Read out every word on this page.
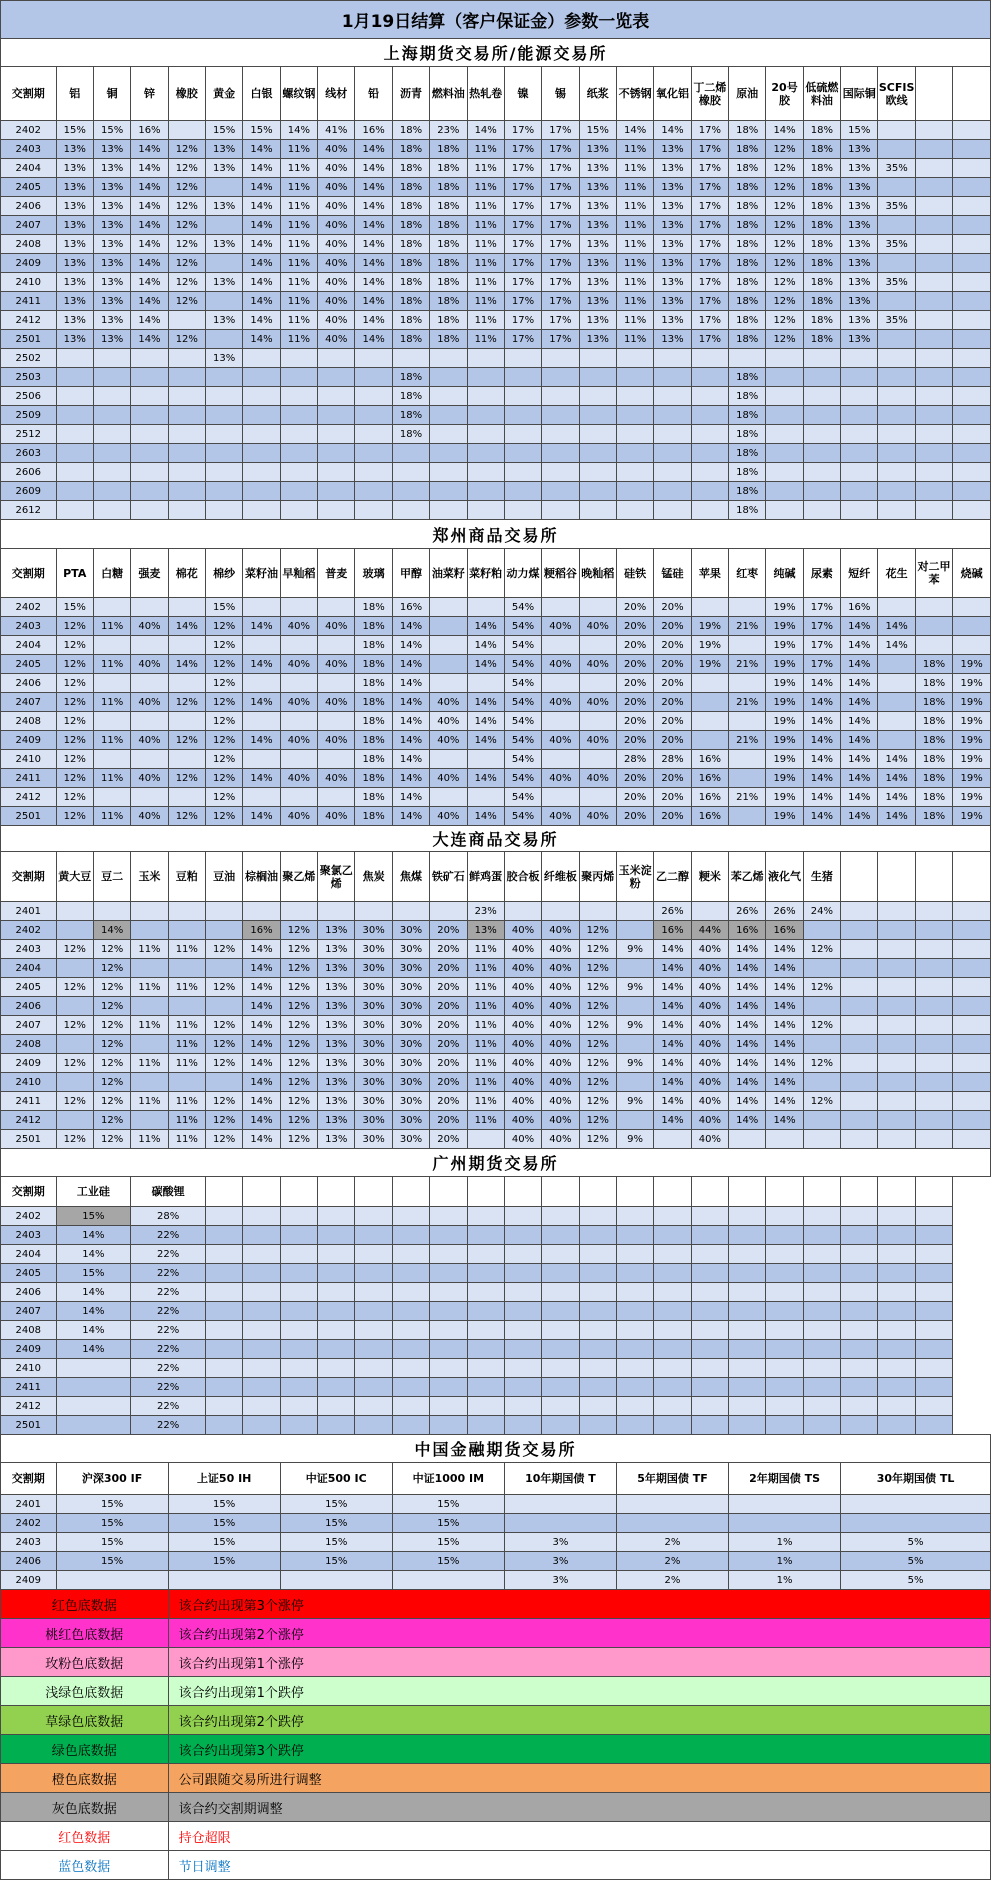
1月19日结算（客户保证金）参数一览表																									
上海期货交易所/能源交易所																									
交割期	铝	铜	锌	橡胶	黄金	白银	螺纹钢	线材	铅	沥青	燃料油	热轧卷	镍	锡	纸浆	不锈钢	氧化铝	丁二烯橡胶	原油	20号胶	低硫燃料油	国际铜	SCFIS欧线		
2402	15%	15%	16%		15%	15%	14%	41%	16%	18%	23%	14%	17%	17%	15%	14%	14%	17%	18%	14%	18%	15%			
2403	13%	13%	14%	12%	13%	14%	11%	40%	14%	18%	18%	11%	17%	17%	13%	11%	13%	17%	18%	12%	18%	13%			
2404	13%	13%	14%	12%	13%	14%	11%	40%	14%	18%	18%	11%	17%	17%	13%	11%	13%	17%	18%	12%	18%	13%	35%		
2405	13%	13%	14%	12%		14%	11%	40%	14%	18%	18%	11%	17%	17%	13%	11%	13%	17%	18%	12%	18%	13%			
2406	13%	13%	14%	12%	13%	14%	11%	40%	14%	18%	18%	11%	17%	17%	13%	11%	13%	17%	18%	12%	18%	13%	35%		
2407	13%	13%	14%	12%		14%	11%	40%	14%	18%	18%	11%	17%	17%	13%	11%	13%	17%	18%	12%	18%	13%			
2408	13%	13%	14%	12%	13%	14%	11%	40%	14%	18%	18%	11%	17%	17%	13%	11%	13%	17%	18%	12%	18%	13%	35%		
2409	13%	13%	14%	12%		14%	11%	40%	14%	18%	18%	11%	17%	17%	13%	11%	13%	17%	18%	12%	18%	13%			
2410	13%	13%	14%	12%	13%	14%	11%	40%	14%	18%	18%	11%	17%	17%	13%	11%	13%	17%	18%	12%	18%	13%	35%		
2411	13%	13%	14%	12%		14%	11%	40%	14%	18%	18%	11%	17%	17%	13%	11%	13%	17%	18%	12%	18%	13%			
2412	13%	13%	14%		13%	14%	11%	40%	14%	18%	18%	11%	17%	17%	13%	11%	13%	17%	18%	12%	18%	13%	35%		
2501	13%	13%	14%	12%		14%	11%	40%	14%	18%	18%	11%	17%	17%	13%	11%	13%	17%	18%	12%	18%	13%			
2502					13%																				
2503										18%									18%						
2506										18%									18%						
2509										18%									18%						
2512										18%									18%						
2603																			18%						
2606																			18%						
2609																			18%						
2612																			18%						
郑州商品交易所																									
交割期	PTA	白糖	强麦	棉花	棉纱	菜籽油	早籼稻	普麦	玻璃	甲醇	油菜籽	菜籽粕	动力煤	粳稻谷	晚籼稻	硅铁	锰硅	苹果	红枣	纯碱	尿素	短纤	花生	对二甲苯	烧碱
2402	15%				15%				18%	16%			54%			20%	20%			19%	17%	16%			
2403	12%	11%	40%	14%	12%	14%	40%	40%	18%	14%		14%	54%	40%	40%	20%	20%	19%	21%	19%	17%	14%	14%		
2404	12%				12%				18%	14%		14%	54%			20%	20%	19%		19%	17%	14%	14%		
2405	12%	11%	40%	14%	12%	14%	40%	40%	18%	14%		14%	54%	40%	40%	20%	20%	19%	21%	19%	17%	14%		18%	19%
2406	12%				12%				18%	14%			54%			20%	20%			19%	14%	14%		18%	19%
2407	12%	11%	40%	12%	12%	14%	40%	40%	18%	14%	40%	14%	54%	40%	40%	20%	20%		21%	19%	14%	14%		18%	19%
2408	12%				12%				18%	14%	40%	14%	54%			20%	20%			19%	14%	14%		18%	19%
2409	12%	11%	40%	12%	12%	14%	40%	40%	18%	14%	40%	14%	54%	40%	40%	20%	20%		21%	19%	14%	14%		18%	19%
2410	12%				12%				18%	14%			54%			28%	28%	16%		19%	14%	14%	14%	18%	19%
2411	12%	11%	40%	12%	12%	14%	40%	40%	18%	14%	40%	14%	54%	40%	40%	20%	20%	16%		19%	14%	14%	14%	18%	19%
2412	12%				12%				18%	14%			54%			20%	20%	16%	21%	19%	14%	14%	14%	18%	19%
2501	12%	11%	40%	12%	12%	14%	40%	40%	18%	14%	40%	14%	54%	40%	40%	20%	20%	16%		19%	14%	14%	14%	18%	19%
大连商品交易所																									
交割期	黄大豆	豆二	玉米	豆粕	豆油	棕榈油	聚乙烯	聚氯乙烯	焦炭	焦煤	铁矿石	鲜鸡蛋	胶合板	纤维板	聚丙烯	玉米淀粉	乙二醇	粳米	苯乙烯	液化气	生猪				
2401												23%					26%		26%	26%	24%				
2402		14%				16%	12%	13%	30%	30%	20%	13%	40%	40%	12%		16%	44%	16%	16%					
2403	12%	12%	11%	11%	12%	14%	12%	13%	30%	30%	20%	11%	40%	40%	12%	9%	14%	40%	14%	14%	12%				
2404		12%				14%	12%	13%	30%	30%	20%	11%	40%	40%	12%		14%	40%	14%	14%					
2405	12%	12%	11%	11%	12%	14%	12%	13%	30%	30%	20%	11%	40%	40%	12%	9%	14%	40%	14%	14%	12%				
2406		12%				14%	12%	13%	30%	30%	20%	11%	40%	40%	12%		14%	40%	14%	14%					
2407	12%	12%	11%	11%	12%	14%	12%	13%	30%	30%	20%	11%	40%	40%	12%	9%	14%	40%	14%	14%	12%				
2408		12%		11%	12%	14%	12%	13%	30%	30%	20%	11%	40%	40%	12%		14%	40%	14%	14%					
2409	12%	12%	11%	11%	12%	14%	12%	13%	30%	30%	20%	11%	40%	40%	12%	9%	14%	40%	14%	14%	12%				
2410		12%				14%	12%	13%	30%	30%	20%	11%	40%	40%	12%		14%	40%	14%	14%					
2411	12%	12%	11%	11%	12%	14%	12%	13%	30%	30%	20%	11%	40%	40%	12%	9%	14%	40%	14%	14%	12%				
2412		12%		11%	12%	14%	12%	13%	30%	30%	20%	11%	40%	40%	12%		14%	40%	14%	14%					
2501	12%	12%	11%	11%	12%	14%	12%	13%	30%	30%	20%		40%	40%	12%	9%		40%							
广州期货交易所																									
交割期	工业硅		碳酸锂																						
2402	15%		28%																						
2403	14%		22%																						
2404	14%		22%																						
2405	15%		22%																						
2406	14%		22%																						
2407	14%		22%																						
2408	14%		22%																						
2409	14%		22%																						
2410			22%																						
2411			22%																						
2412			22%																						
2501			22%																						
中国金融期货交易所																									
交割期	沪深300 IF			上证50 IH			中证500 IC			中证1000 IM			10年期国债 T			5年期国债 TF			2年期国债 TS			30年期国债 TL			
2401	15%			15%			15%			15%															
2402	15%			15%			15%			15%															
2403	15%			15%			15%			15%			3%			2%			1%			5%			
2406	15%			15%			15%			15%			3%			2%			1%			5%			
2409													3%			2%			1%			5%			
红色底数据				该合约出现第3个涨停																					
桃红色底数据				该合约出现第2个涨停																					
玫粉色底数据				该合约出现第1个涨停																					
浅绿色底数据				该合约出现第1个跌停																					
草绿色底数据				该合约出现第2个跌停																					
绿色底数据				该合约出现第3个跌停																					
橙色底数据				公司跟随交易所进行调整																					
灰色底数据				该合约交割期调整																					
红色数据				持仓超限																					
蓝色数据				节日调整																					
